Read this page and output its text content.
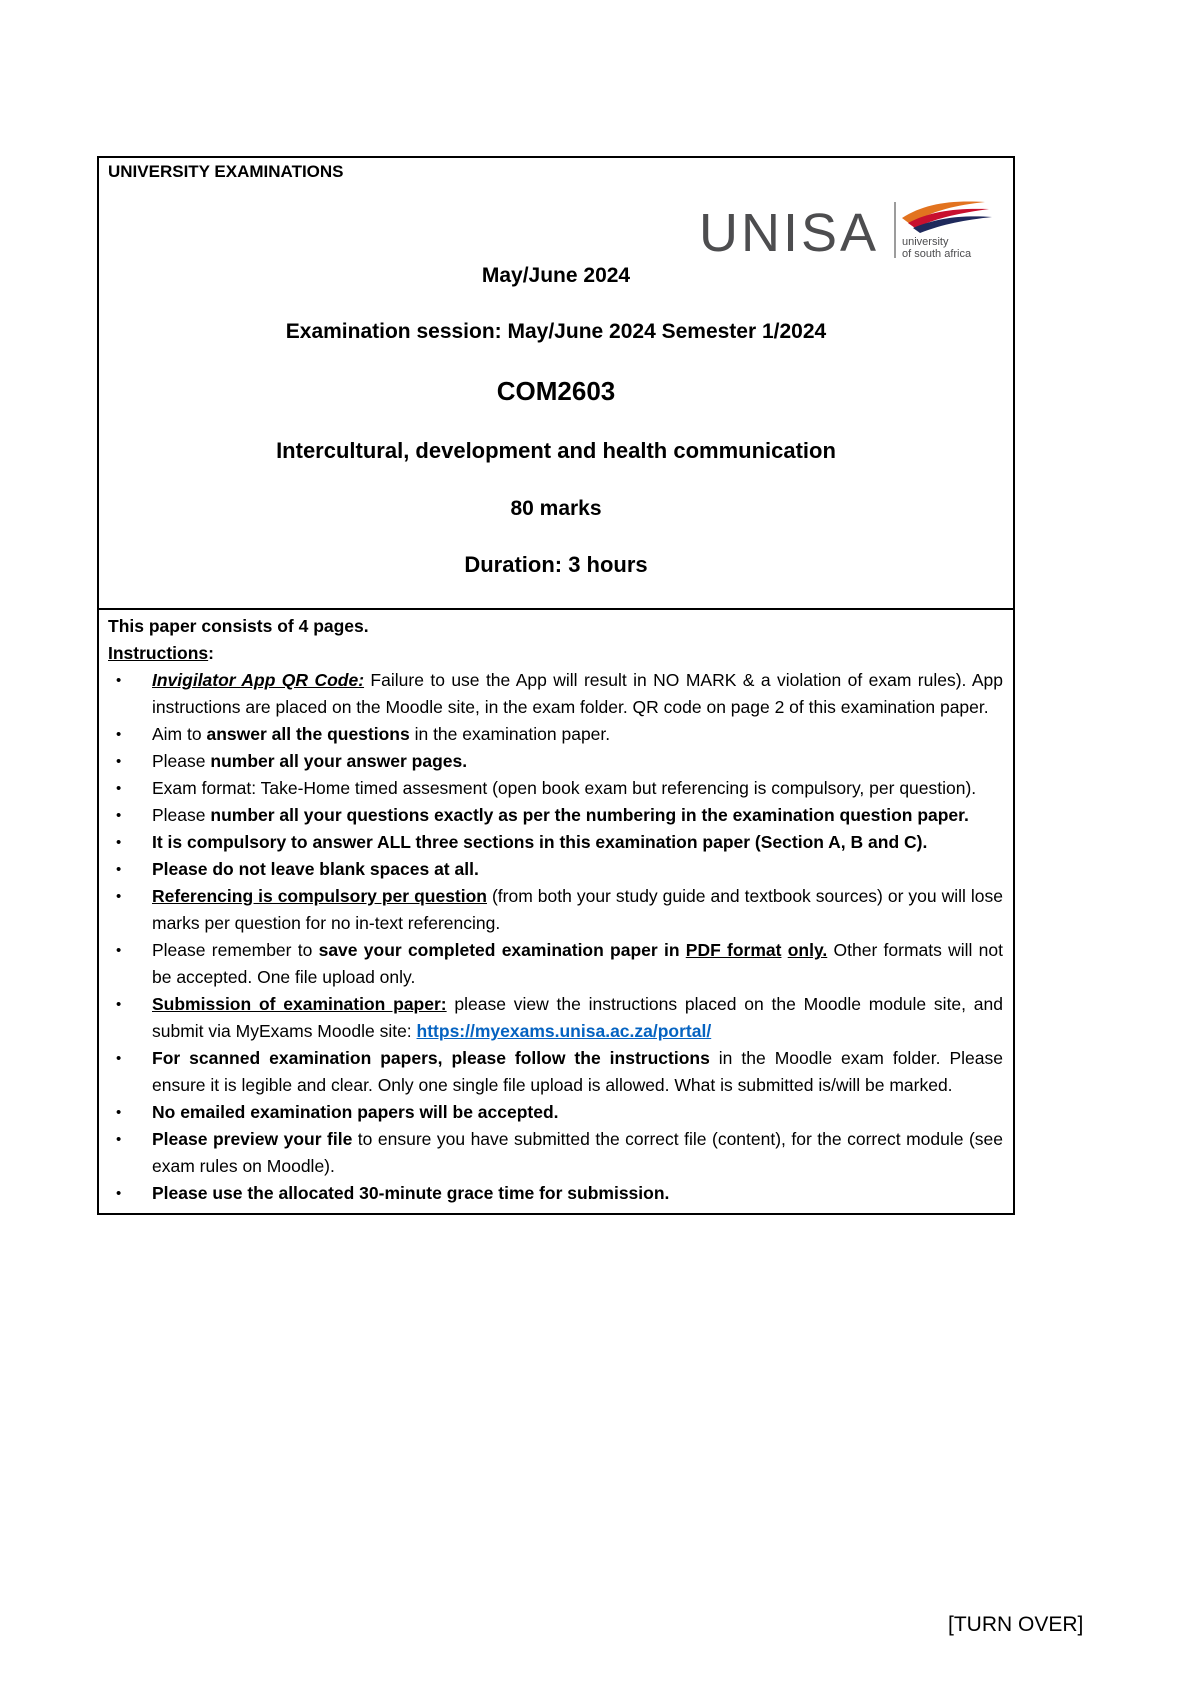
UNIVERSITY EXAMINATIONS
UNISA university
of south africa
May/June 2024
Examination session: May/June 2024 Semester 1/2024
COM2603
Intercultural, development and health communication
80 marks
Duration: 3 hours
This paper consists of 4 pages.
Instructions:
• Invigilator App QR Code: Failure to use the App will result in NO MARK & a violation of exam rules). App instructions are placed on the Moodle site, in the exam folder. QR code on page 2 of this examination paper.
• Aim to answer all the questions in the examination paper.
• Please number all your answer pages.
• Exam format: Take-Home timed assesment (open book exam but referencing is compulsory, per question).
• Please number all your questions exactly as per the numbering in the examination question paper.
• It is compulsory to answer ALL three sections in this examination paper (Section A, B and C).
• Please do not leave blank spaces at all.
• Referencing is compulsory per question (from both your study guide and textbook sources) or you will lose marks per question for no in-text referencing.
• Please remember to save your completed examination paper in PDF format only. Other formats will not be accepted. One file upload only.
• Submission of examination paper: please view the instructions placed on the Moodle module site, and submit via MyExams Moodle site: https://myexams.unisa.ac.za/portal/
• For scanned examination papers, please follow the instructions in the Moodle exam folder. Please ensure it is legible and clear. Only one single file upload is allowed. What is submitted is/will be marked.
• No emailed examination papers will be accepted.
• Please preview your file to ensure you have submitted the correct file (content), for the correct module (see exam rules on Moodle).
• Please use the allocated 30-minute grace time for submission.
[TURN OVER]
